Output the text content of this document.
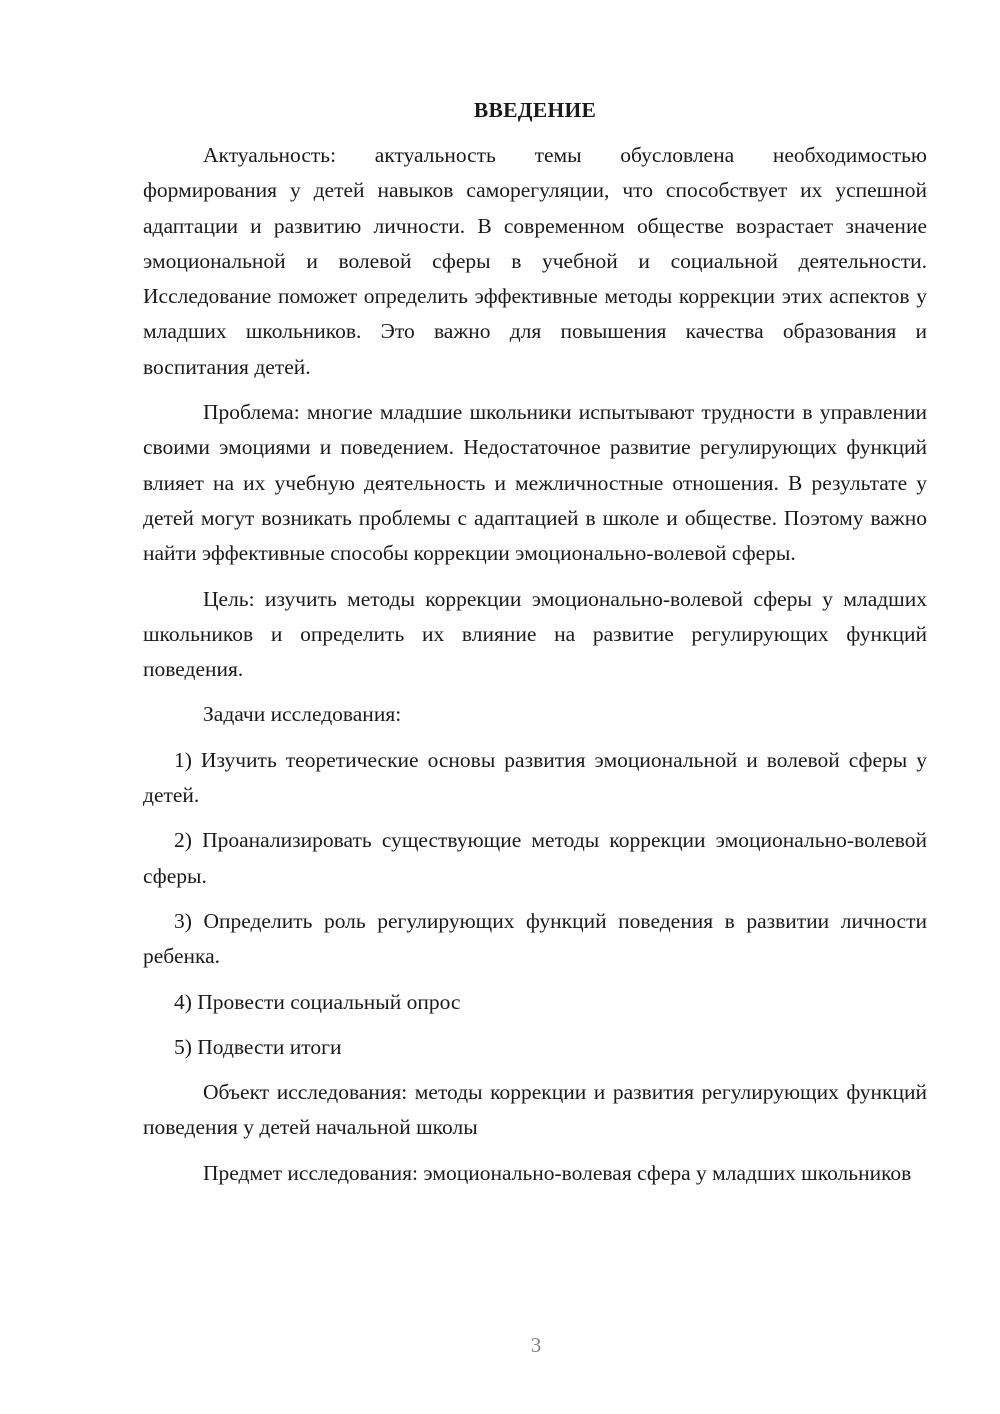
ВВЕДЕНИЕ

Актуальность: актуальность темы обусловлена необходимостью формирования у детей навыков саморегуляции, что способствует их успешной адаптации и развитию личности. В современном обществе возрастает значение эмоциональной и волевой сферы в учебной и социальной деятельности. Исследование поможет определить эффективные методы коррекции этих аспектов у младших школьников. Это важно для повышения качества образования и воспитания детей.

Проблема: многие младшие школьники испытывают трудности в управлении своими эмоциями и поведением. Недостаточное развитие регулирующих функций влияет на их учебную деятельность и межличностные отношения. В результате у детей могут возникать проблемы с адаптацией в школе и обществе. Поэтому важно найти эффективные способы коррекции эмоционально-волевой сферы.

Цель: изучить методы коррекции эмоционально-волевой сферы у младших школьников и определить их влияние на развитие регулирующих функций поведения.

Задачи исследования:

1) Изучить теоретические основы развития эмоциональной и волевой сферы у детей.

2) Проанализировать существующие методы коррекции эмоционально-волевой сферы.

3) Определить роль регулирующих функций поведения в развитии личности ребенка.

4) Провести социальный опрос

5) Подвести итоги

Объект исследования: методы коррекции и развития регулирующих функций поведения у детей начальной школы

Предмет исследования: эмоционально-волевая сфера у младших школьников

3
